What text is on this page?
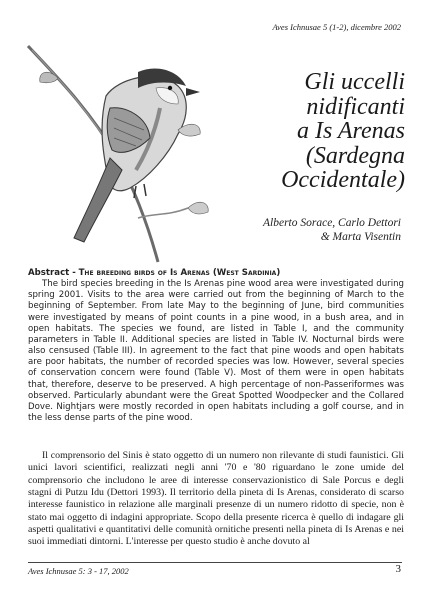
Aves Ichnusae 5 (1-2), dicembre 2002
Gli uccelli
nidificanti
a Is Arenas
(Sardegna
Occidentale)
Alberto Sorace, Carlo Dettori
& Marta Visentin

Abstract - The breeding birds of Is Arenas (West Sardinia)

The bird species breeding in the Is Arenas pine wood area were investigated during spring 2001. Visits to the area were carried out from the beginning of March to the beginning of September. From late May to the beginning of June, bird communities were investigated by means of point counts in a pine wood, in a bush area, and in open habitats. The species we found, are listed in Table I, and the community parameters in Table II. Additional species are listed in Table IV. Nocturnal birds were also censused (Table III). In agreement to the fact that pine woods and open habitats are poor habitats, the number of recorded species was low. However, several species of conservation concern were found (Table V). Most of them were in open habitats that, therefore, deserve to be preserved. A high percentage of non-Passeriformes was observed. Particularly abundant were the Great Spotted Woodpecker and the Collared Dove. Nightjars were mostly recorded in open habitats including a golf course, and in the less dense parts of the pine wood.

Il comprensorio del Sinis è stato oggetto di un numero non rilevante di studi faunistici. Gli unici lavori scientifici, realizzati negli anni '70 e '80 riguardano le zone umide del comprensorio che includono le aree di interesse conservazionistico di Sale Porcus e degli stagni di Putzu Idu (Dettori 1993). Il territorio della pineta di Is Arenas, considerato di scarso interesse faunistico in relazione alle marginali presenze di un numero ridotto di specie, non è stato mai oggetto di indagini appropriate. Scopo della presente ricerca è quello di indagare gli aspetti qualitativi e quantitativi delle comunità ornitiche presenti nella pineta di Is Arenas e nei suoi immediati dintorni. L'interesse per questo studio è anche dovuto al

Aves Ichnusae 5: 3 - 17, 2002	3
